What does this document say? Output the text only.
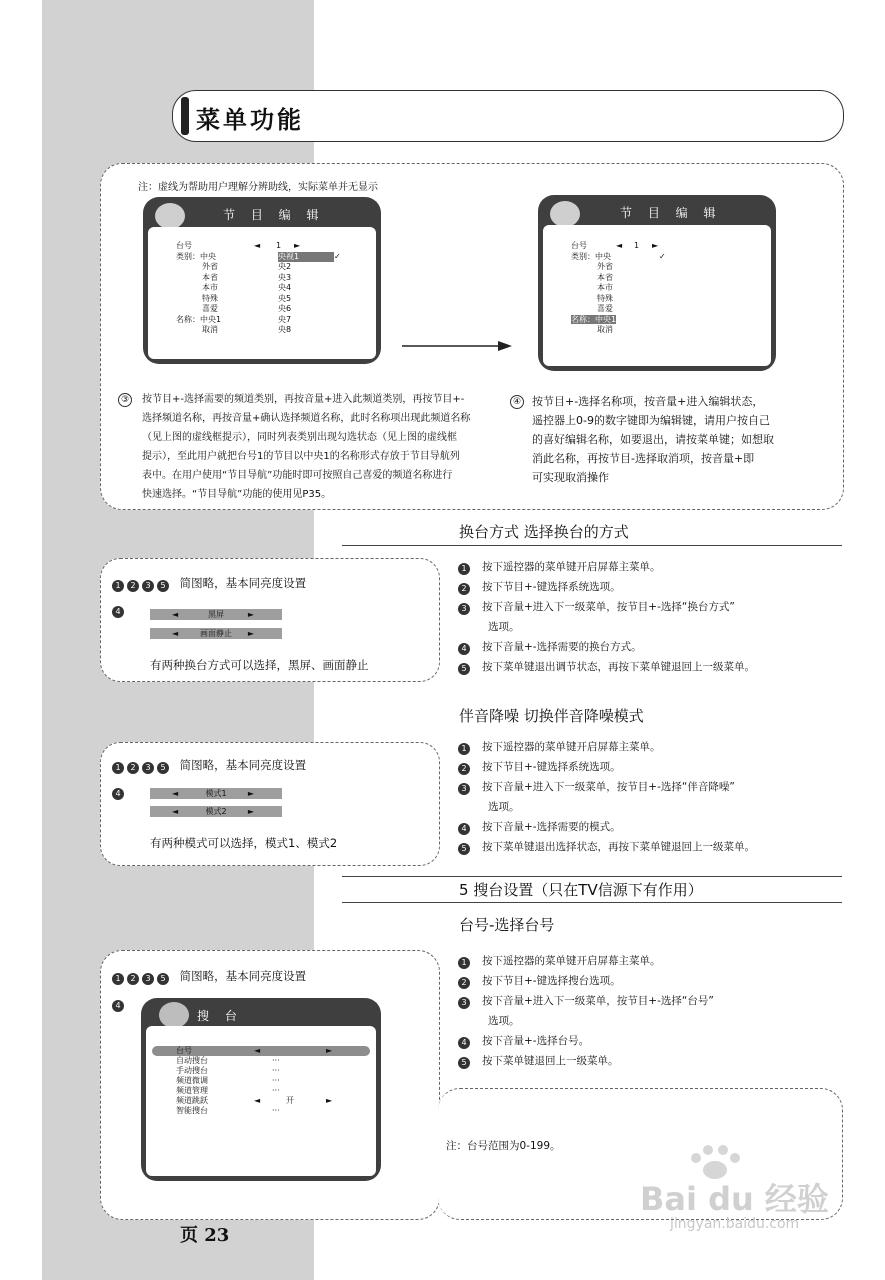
菜单功能
注：虚线为帮助用户理解分辨助线，实际菜单并无显示
节 目 编 辑
台号	◄ 1 ►
类别：中央	央视1	✓
外省	央2
本省	央3
本市	央4
特殊	央5
喜爱	央6
名称：中央1	央7
取消	央8
节 目 编 辑
台号	◄ 1 ►
类别：中央	✓
外省
本省
本市
特殊
喜爱
名称：中央1
取消
③ 按节目+-选择需要的频道类别，再按音量+进入此频道类别，再按节目+-
选择频道名称，再按音量+确认选择频道名称，此时名称项出现此频道名称
（见上图的虚线框提示），同时列表类别出现勾选状态（见上图的虚线框
提示），至此用户就把台号1的节目以中央1的名称形式存放于节目导航列
表中。在用户使用“节目导航”功能时即可按照自己喜爱的频道名称进行
快速选择。“节目导航”功能的使用见P35。
④ 按节目+-选择名称项，按音量+进入编辑状态，
遥控器上0-9的数字键即为编辑键，请用户按自己
的喜好编辑名称，如要退出，请按菜单键；如想取
消此名称，再按节目-选择取消项，按音量+即
可实现取消操作
换台方式 选择换台的方式
1 2 3 5 简图略，基本同亮度设置
4	◄	黑屏	►
◄	画面静止	►
有两种换台方式可以选择，黑屏、画面静止
1 按下遥控器的菜单键开启屏幕主菜单。
2 按下节目+-键选择系统选项。
3 按下音量+进入下一级菜单，按节目+-选择“换台方式”
选项。
4 按下音量+-选择需要的换台方式。
5 按下菜单键退出调节状态，再按下菜单键退回上一级菜单。
伴音降噪 切换伴音降噪模式
1 2 3 5 简图略，基本同亮度设置
4	◄	模式1	►
◄	模式2	►
有两种模式可以选择，模式1、模式2
1 按下遥控器的菜单键开启屏幕主菜单。
2 按下节目+-键选择系统选项。
3 按下音量+进入下一级菜单，按节目+-选择“伴音降噪”
选项。
4 按下音量+-选择需要的模式。
5 按下菜单键退出选择状态，再按下菜单键退回上一级菜单。
5 搜台设置（只在TV信源下有作用）
台号-选择台号
1 2 3 5 简图略，基本同亮度设置
4
搜 台
台号	◄	►
自动搜台	···
手动搜台	···
频道微调	···
频道管理	···
频道跳跃	◄	开	►
智能搜台	···
1 按下遥控器的菜单键开启屏幕主菜单。
2 按下节目+-键选择搜台选项。
3 按下音量+进入下一级菜单，按节目+-选择“台号”
选项。
4 按下音量+-选择台号。
5 按下菜单键退回上一级菜单。
注：台号范围为0-199。
页 23
Bai du 经验
jingyan.baidu.com
